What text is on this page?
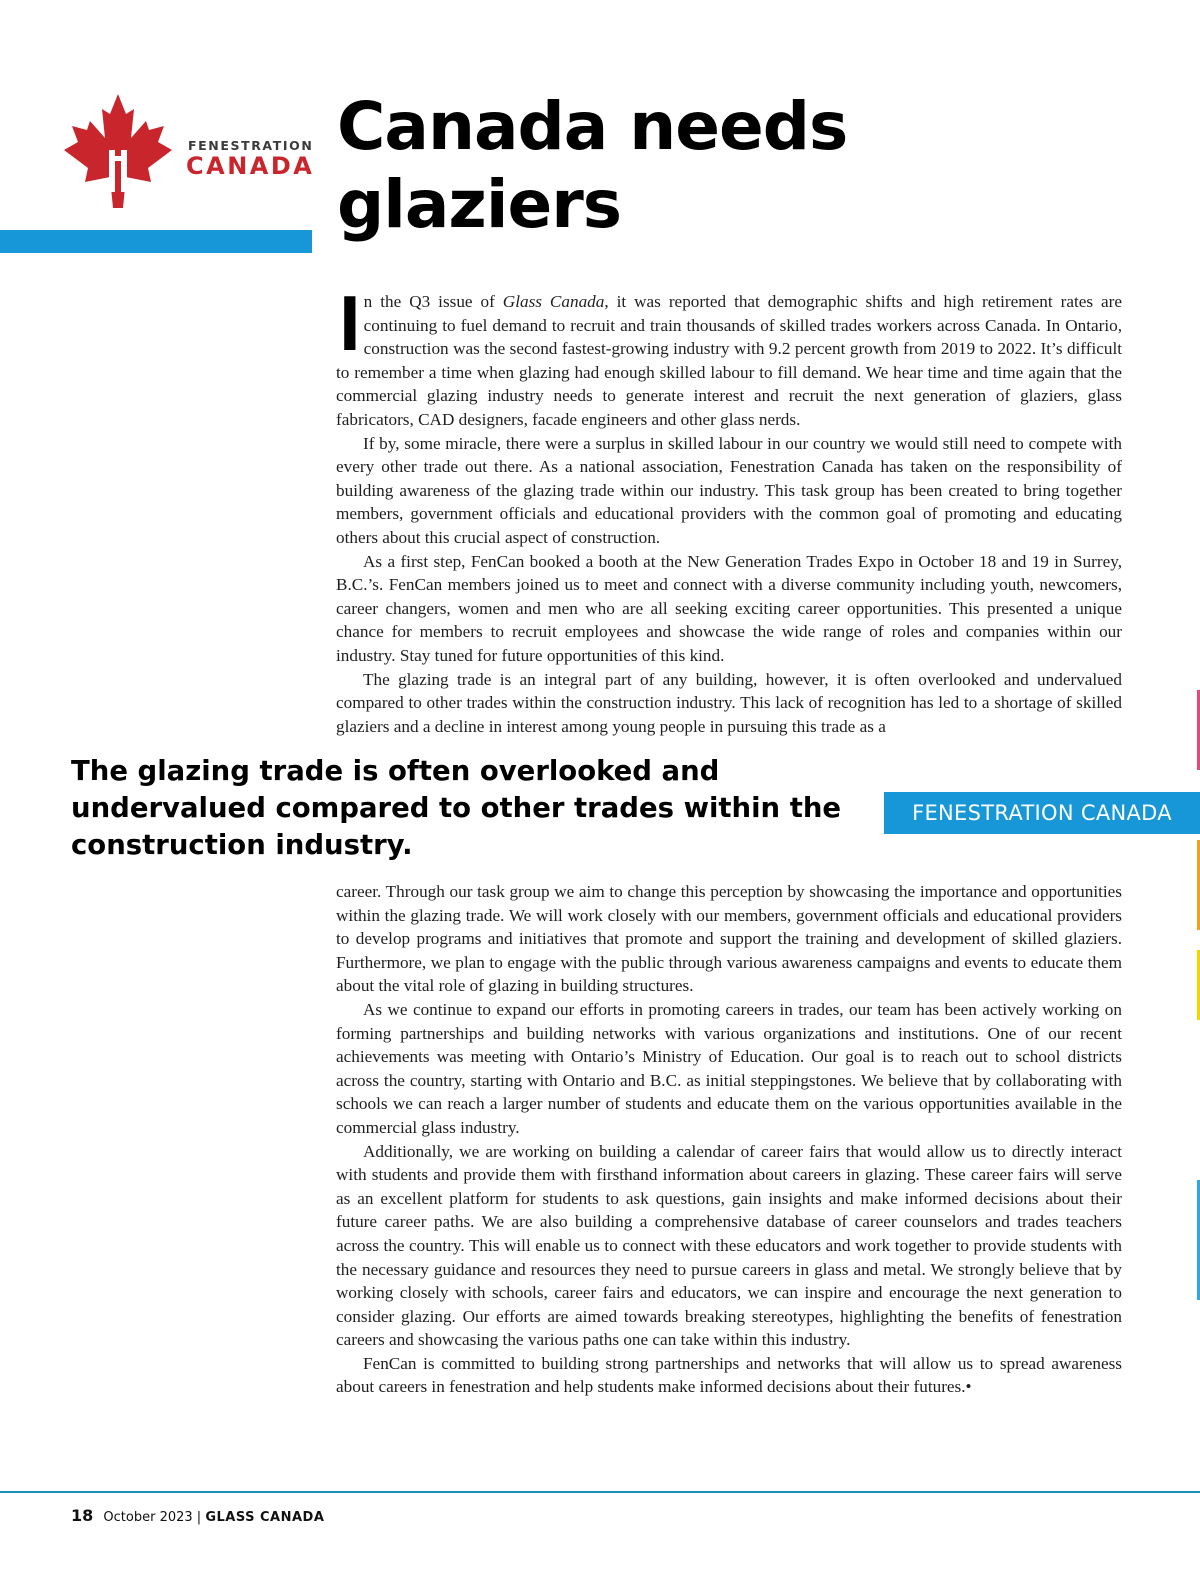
FENESTRATION
CANADA
Canada needs glaziers

In the Q3 issue of Glass Canada, it was reported that demographic shifts and high retirement rates are continuing to fuel demand to recruit and train thousands of skilled trades workers across Canada. In Ontario, construction was the second fastest-growing industry with 9.2 percent growth from 2019 to 2022. It’s difficult to remember a time when glazing had enough skilled labour to fill demand. We hear time and time again that the commercial glazing industry needs to generate interest and recruit the next generation of glaziers, glass fabricators, CAD designers, facade engineers and other glass nerds.

If by, some miracle, there were a surplus in skilled labour in our country we would still need to compete with every other trade out there. As a national association, Fenestration Canada has taken on the responsibility of building awareness of the glazing trade within our industry. This task group has been created to bring together members, government officials and educational providers with the common goal of promoting and educating others about this crucial aspect of construction.

As a first step, FenCan booked a booth at the New Generation Trades Expo in October 18 and 19 in Surrey, B.C.’s. FenCan members joined us to meet and connect with a diverse community including youth, newcomers, career changers, women and men who are all seeking exciting career opportunities. This presented a unique chance for members to recruit employees and showcase the wide range of roles and companies within our industry. Stay tuned for future opportunities of this kind.

The glazing trade is an integral part of any building, however, it is often overlooked and undervalued compared to other trades within the construction industry. This lack of recognition has led to a shortage of skilled glaziers and a decline in interest among young people in pursuing this trade as a

The glazing trade is often overlooked and undervalued compared to other trades within the construction industry.

FENESTRATION CANADA

career. Through our task group we aim to change this perception by showcasing the importance and opportunities within the glazing trade. We will work closely with our members, government officials and educational providers to develop programs and initiatives that promote and support the training and development of skilled glaziers. Furthermore, we plan to engage with the public through various awareness campaigns and events to educate them about the vital role of glazing in building structures.

As we continue to expand our efforts in promoting careers in trades, our team has been actively working on forming partnerships and building networks with various organizations and institutions. One of our recent achievements was meeting with Ontario’s Ministry of Education. Our goal is to reach out to school districts across the country, starting with Ontario and B.C. as initial steppingstones. We believe that by collaborating with schools we can reach a larger number of students and educate them on the various opportunities available in the commercial glass industry.

Additionally, we are working on building a calendar of career fairs that would allow us to directly interact with students and provide them with firsthand information about careers in glazing. These career fairs will serve as an excellent platform for students to ask questions, gain insights and make informed decisions about their future career paths. We are also building a comprehensive database of career counselors and trades teachers across the country. This will enable us to connect with these educators and work together to provide students with the necessary guidance and resources they need to pursue careers in glass and metal. We strongly believe that by working closely with schools, career fairs and educators, we can inspire and encourage the next generation to consider glazing. Our efforts are aimed towards breaking stereotypes, highlighting the benefits of fenestration careers and showcasing the various paths one can take within this industry.

FenCan is committed to building strong partnerships and networks that will allow us to spread awareness about careers in fenestration and help students make informed decisions about their futures.•

18 October 2023 | GLASS CANADA
